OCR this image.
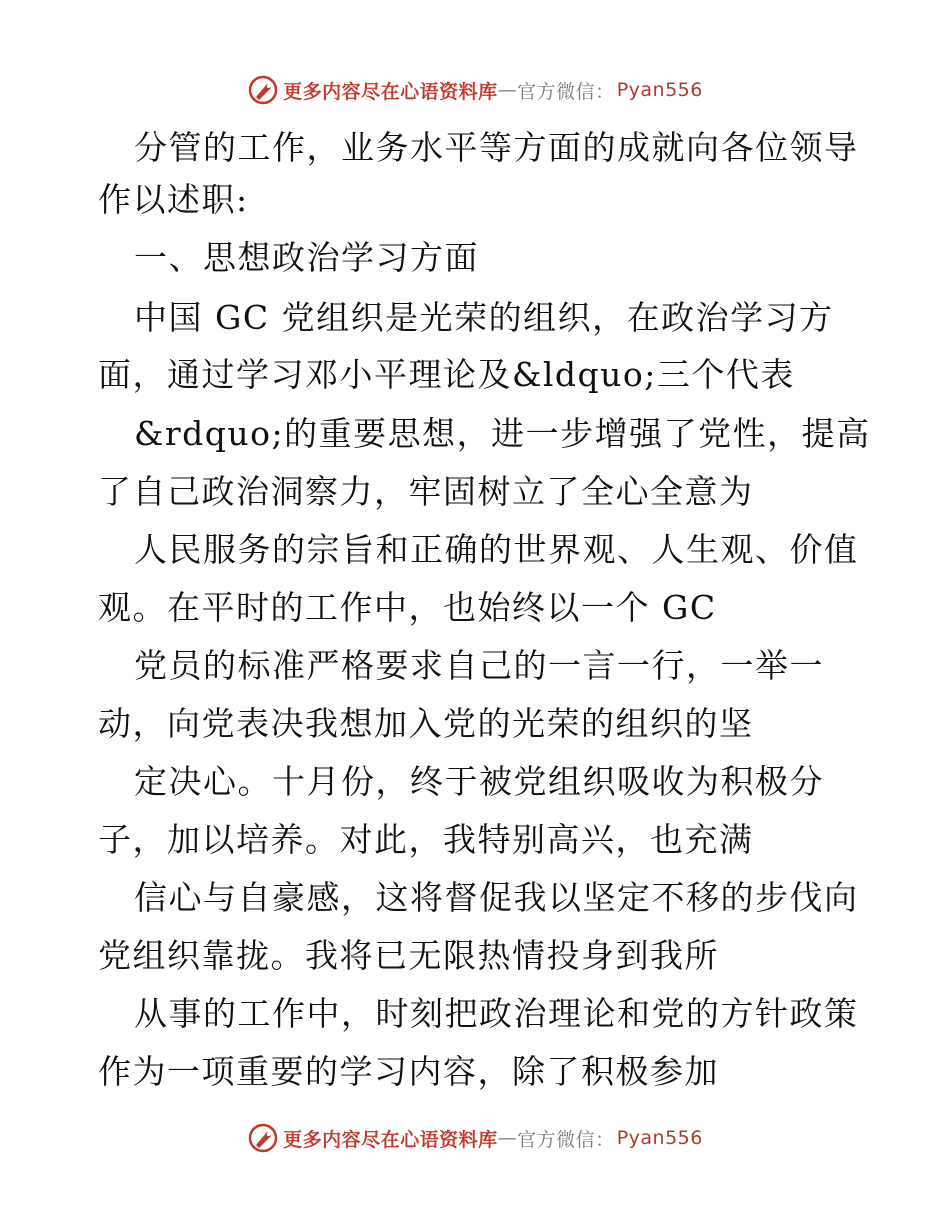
更多内容尽在心语资料库 — 官方微信： Pyan556
分管的工作，业务水平等方面的成就向各位领导
作以述职:
一、思想政治学习方面
中国 GC 党组织是光荣的组织，在政治学习方
面，通过学习邓小平理论及&ldquo;三个代表
&rdquo;的重要思想，进一步增强了党性，提高
了自己政治洞察力，牢固树立了全心全意为
人民服务的宗旨和正确的世界观、人生观、价值
观。在平时的工作中，也始终以一个 GC
党员的标准严格要求自己的一言一行，一举一
动，向党表决我想加入党的光荣的组织的坚
定决心。十月份，终于被党组织吸收为积极分
子，加以培养。对此，我特别高兴，也充满
信心与自豪感，这将督促我以坚定不移的步伐向
党组织靠拢。我将已无限热情投身到我所
从事的工作中，时刻把政治理论和党的方针政策
作为一项重要的学习内容，除了积极参加
更多内容尽在心语资料库 — 官方微信： Pyan556
